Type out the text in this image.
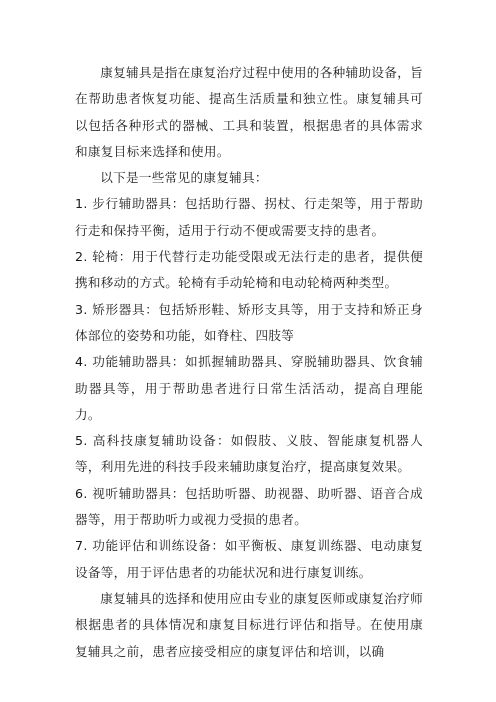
康复辅具是指在康复治疗过程中使用的各种辅助设备，旨在帮助患者恢复功能、提高生活质量和独立性。康复辅具可以包括各种形式的器械、工具和装置，根据患者的具体需求和康复目标来选择和使用。

以下是一些常见的康复辅具：

1. 步行辅助器具：包括助行器、拐杖、行走架等，用于帮助行走和保持平衡，适用于行动不便或需要支持的患者。

2. 轮椅：用于代替行走功能受限或无法行走的患者，提供便携和移动的方式。轮椅有手动轮椅和电动轮椅两种类型。

3. 矫形器具：包括矫形鞋、矫形支具等，用于支持和矫正身体部位的姿势和功能，如脊柱、四肢等

4. 功能辅助器具：如抓握辅助器具、穿脱辅助器具、饮食辅助器具等，用于帮助患者进行日常生活活动，提高自理能力。

5. 高科技康复辅助设备：如假肢、义肢、智能康复机器人等，利用先进的科技手段来辅助康复治疗，提高康复效果。

6. 视听辅助器具：包括助听器、助视器、助听器、语音合成器等，用于帮助听力或视力受损的患者。

7. 功能评估和训练设备：如平衡板、康复训练器、电动康复设备等，用于评估患者的功能状况和进行康复训练。

康复辅具的选择和使用应由专业的康复医师或康复治疗师根据患者的具体情况和康复目标进行评估和指导。在使用康复辅具之前，患者应接受相应的康复评估和培训，以确
